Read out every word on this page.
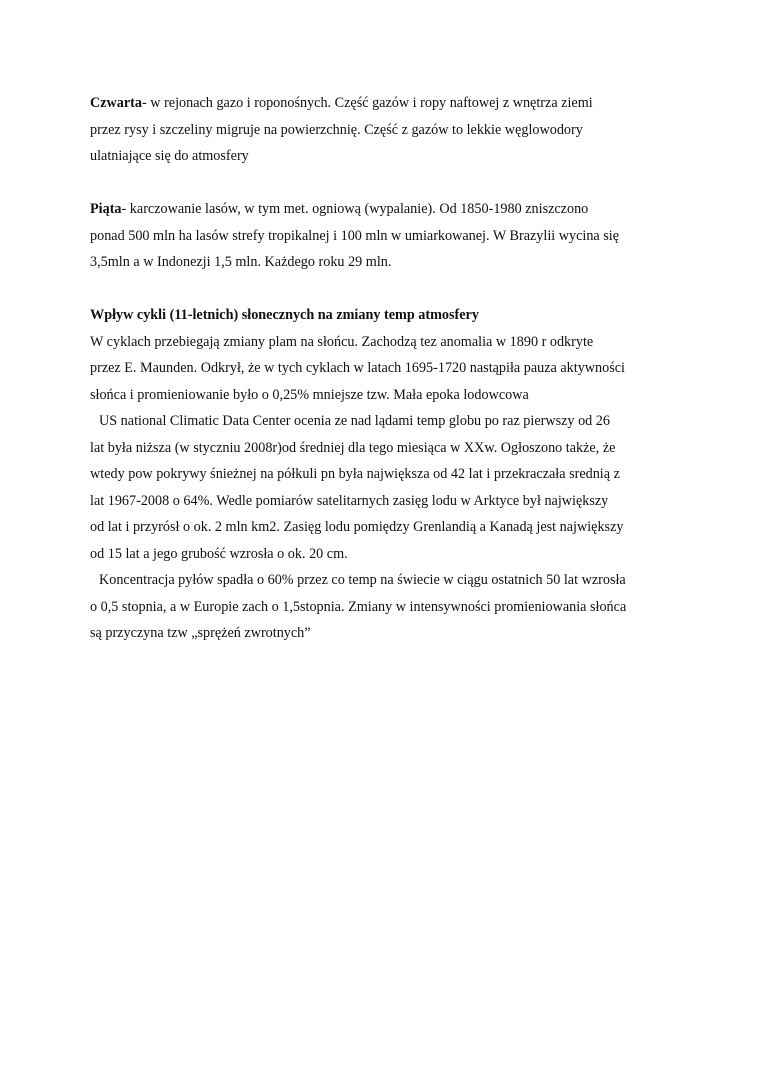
Czwarta- w rejonach gazo i roponośnych. Część gazów i ropy naftowej z wnętrza ziemi
przez rysy i szczeliny migruje na powierzchnię. Część z gazów to lekkie węglowodory
ulatniające się do atmosfery
Piąta- karczowanie lasów, w tym met. ogniową (wypalanie). Od 1850-1980 zniszczono
ponad 500 mln ha lasów strefy tropikalnej i 100 mln w umiarkowanej. W Brazylii wycina się
3,5mln a w Indonezji 1,5 mln. Każdego roku 29 mln.
Wpływ cykli (11-letnich) słonecznych na zmiany temp atmosfery
W cyklach przebiegają zmiany plam na słońcu. Zachodzą tez anomalia w 1890 r odkryte
przez E. Maunden. Odkrył, że w tych cyklach w latach 1695-1720 nastąpiła pauza aktywności
słońca i promieniowanie było o 0,25% mniejsze tzw. Mała epoka lodowcowa
US national Climatic Data Center ocenia ze nad lądami temp globu po raz pierwszy od 26
lat była niższa (w styczniu 2008r)od średniej dla tego miesiąca w XXw. Ogłoszono także, że
wtedy pow pokrywy śnieżnej na półkuli pn była największa od 42 lat i przekraczała srednią z
lat 1967-2008 o 64%. Wedle pomiarów satelitarnych zasięg lodu w Arktyce był największy
od lat i przyrósł o ok. 2 mln km2. Zasięg lodu pomiędzy Grenlandią a Kanadą jest największy
od 15 lat a jego grubość wzrosła o ok. 20 cm.
Koncentracja pyłów spadła o 60% przez co temp na świecie w ciągu ostatnich 50 lat wzrosła
o 0,5 stopnia, a w Europie zach o 1,5stopnia. Zmiany w intensywności promieniowania słońca
są przyczyna tzw „sprężeń zwrotnych”
